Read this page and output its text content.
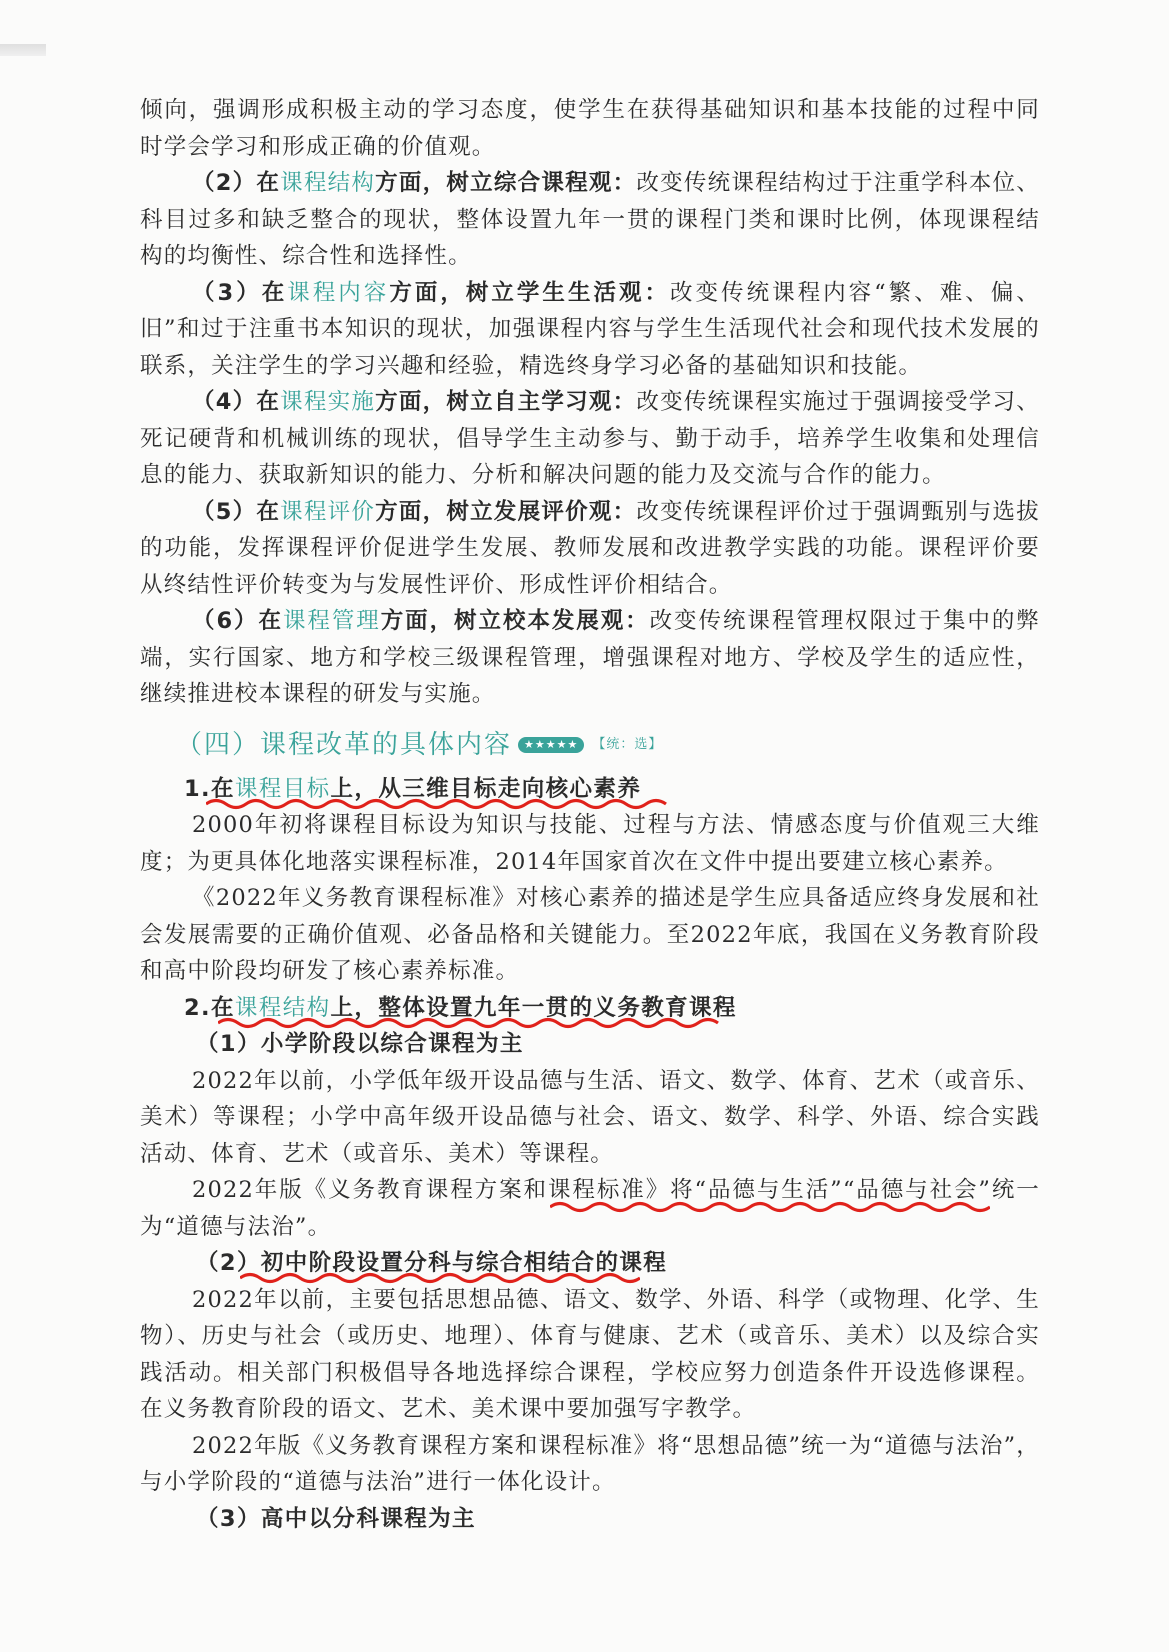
倾向，强调形成积极主动的学习态度，使学生在获得基础知识和基本技能的过程中同时学会学习和形成正确的价值观。

（2）在课程结构方面，树立综合课程观：改变传统课程结构过于注重学科本位、科目过多和缺乏整合的现状，整体设置九年一贯的课程门类和课时比例，体现课程结构的均衡性、综合性和选择性。

（3）在课程内容方面，树立学生生活观：改变传统课程内容“繁、难、偏、旧”和过于注重书本知识的现状，加强课程内容与学生生活现代社会和现代技术发展的联系，关注学生的学习兴趣和经验，精选终身学习必备的基础知识和技能。

（4）在课程实施方面，树立自主学习观：改变传统课程实施过于强调接受学习、死记硬背和机械训练的现状，倡导学生主动参与、勤于动手，培养学生收集和处理信息的能力、获取新知识的能力、分析和解决问题的能力及交流与合作的能力。

（5）在课程评价方面，树立发展评价观：改变传统课程评价过于强调甄别与选拔的功能，发挥课程评价促进学生发展、教师发展和改进教学实践的功能。课程评价要从终结性评价转变为与发展性评价、形成性评价相结合。

（6）在课程管理方面，树立校本发展观：改变传统课程管理权限过于集中的弊端，实行国家、地方和学校三级课程管理，增强课程对地方、学校及学生的适应性，继续推进校本课程的研发与实施。

（四）课程改革的具体内容	★★★★★	【统：选】
1.在课程目标上，从三维目标走向核心素养

2000年初将课程目标设为知识与技能、过程与方法、情感态度与价值观三大维度；为更具体化地落实课程标准，2014年国家首次在文件中提出要建立核心素养。

《2022年义务教育课程标准》对核心素养的描述是学生应具备适应终身发展和社会发展需要的正确价值观、必备品格和关键能力。至2022年底，我国在义务教育阶段和高中阶段均研发了核心素养标准。

2.在课程结构上，整体设置九年一贯的义务教育课程
（1）小学阶段以综合课程为主

2022年以前，小学低年级开设品德与生活、语文、数学、体育、艺术（或音乐、美术）等课程；小学中高年级开设品德与社会、语文、数学、科学、外语、综合实践活动、体育、艺术（或音乐、美术）等课程。

2022年版《义务教育课程方案和课程标准》将“品德与生活”“品德与社会”统一为“道德与法治”。

（2）初中阶段设置分科与综合相结合的课程

2022年以前，主要包括思想品德、语文、数学、外语、科学（或物理、化学、生物）、历史与社会（或历史、地理）、体育与健康、艺术（或音乐、美术）以及综合实践活动。相关部门积极倡导各地选择综合课程，学校应努力创造条件开设选修课程。在义务教育阶段的语文、艺术、美术课中要加强写字教学。

2022年版《义务教育课程方案和课程标准》将“思想品德”统一为“道德与法治”，与小学阶段的“道德与法治”进行一体化设计。

（3）高中以分科课程为主
